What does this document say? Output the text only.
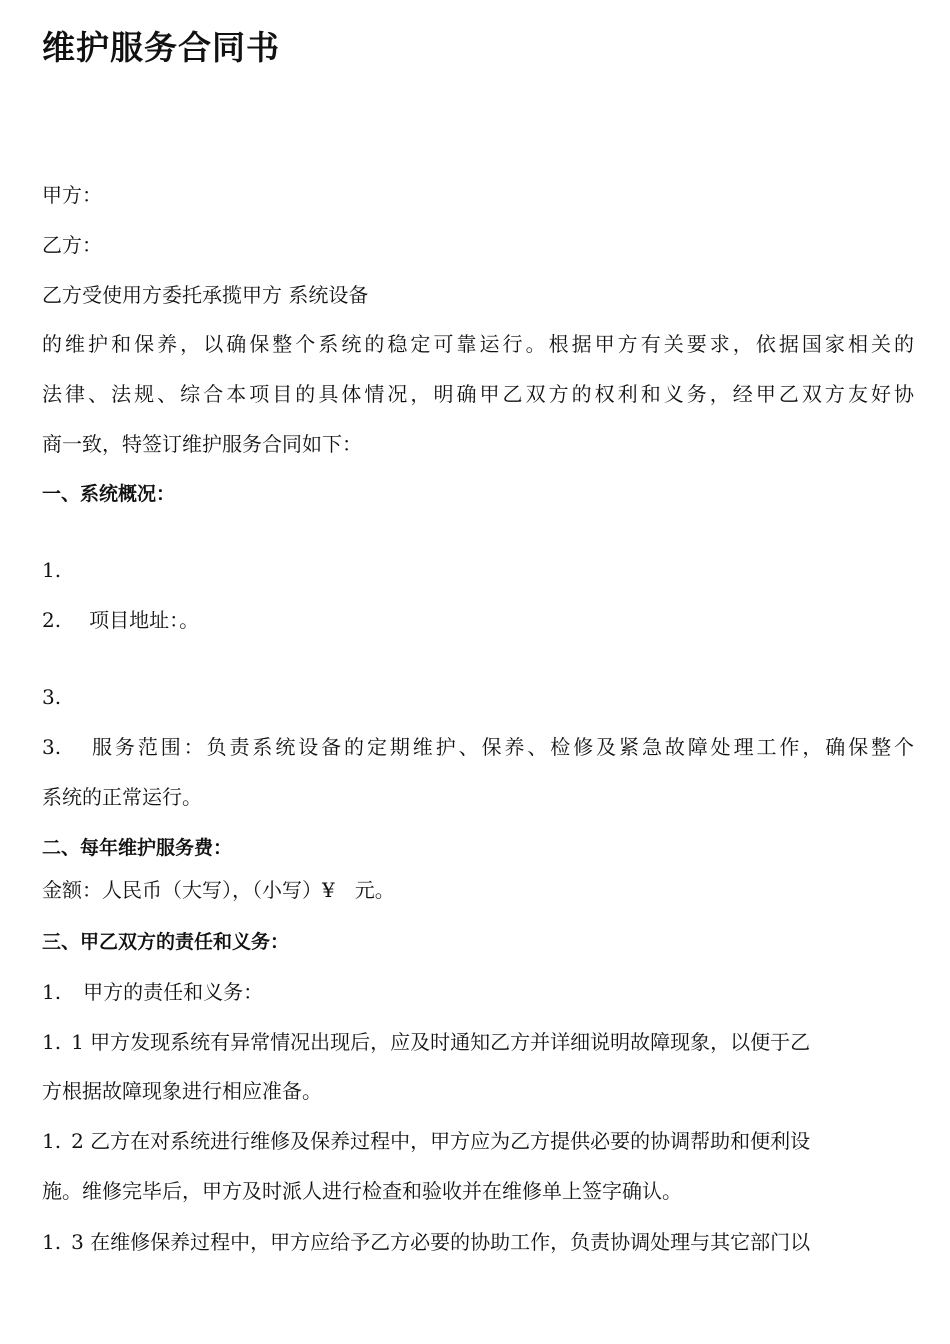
维护服务合同书
甲方：
乙方：
乙方受使用方委托承揽甲方 系统设备
的维护和保养，以确保整个系统的稳定可靠运行。根据甲方有关要求，依据国家相关的
法律、法规、综合本项目的具体情况，明确甲乙双方的权利和义务，经甲乙双方友好协
商一致，特签订维护服务合同如下：
一、系统概况：
1.
2. 项目地址：。
3.
3. 服务范围：负责系统设备的定期维护、保养、检修及紧急故障处理工作，确保整个
系统的正常运行。
二、每年维护服务费：
金额：人民币（大写），（小写）¥　元。
三、甲乙双方的责任和义务：
1. 甲方的责任和义务：
1. 1 甲方发现系统有异常情况出现后，应及时通知乙方并详细说明故障现象，以便于乙
方根据故障现象进行相应准备。
1. 2 乙方在对系统进行维修及保养过程中，甲方应为乙方提供必要的协调帮助和便利设
施。维修完毕后，甲方及时派人进行检查和验收并在维修单上签字确认。
1. 3 在维修保养过程中，甲方应给予乙方必要的协助工作，负责协调处理与其它部门以
